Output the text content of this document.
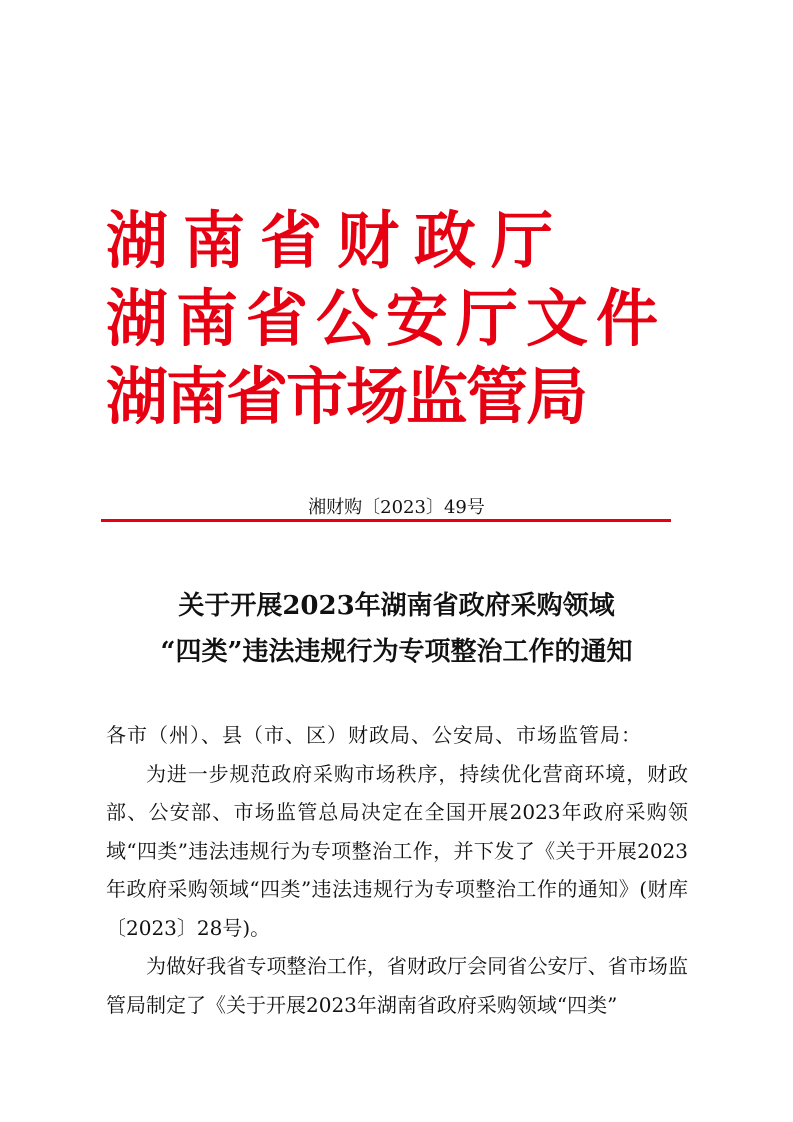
湖南省财政厅
湖南省公安厅文件
湖南省市场监管局
湘财购〔2023〕49号
关于开展2023年湖南省政府采购领域
“四类”违法违规行为专项整治工作的通知

各市（州）、县（市、区）财政局、公安局、市场监管局：

为进一步规范政府采购市场秩序，持续优化营商环境，财政部、公安部、市场监管总局决定在全国开展2023年政府采购领域“四类”违法违规行为专项整治工作，并下发了《关于开展2023年政府采购领域“四类”违法违规行为专项整治工作的通知》(财库〔2023〕28号)。

为做好我省专项整治工作，省财政厅会同省公安厅、省市场监管局制定了《关于开展2023年湖南省政府采购领域“四类”
